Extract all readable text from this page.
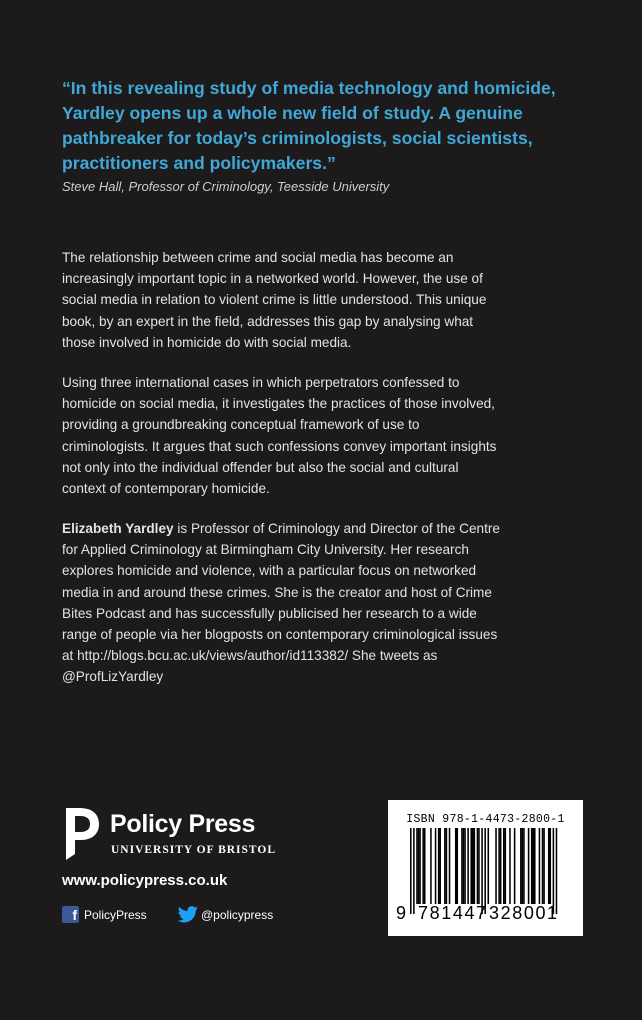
“In this revealing study of media technology and homicide, Yardley opens up a whole new field of study. A genuine pathbreaker for today’s criminologists, social scientists, practitioners and policymakers.”

Steve Hall, Professor of Criminology, Teesside University

The relationship between crime and social media has become an increasingly important topic in a networked world. However, the use of social media in relation to violent crime is little understood. This unique book, by an expert in the field, addresses this gap by analysing what those involved in homicide do with social media.

Using three international cases in which perpetrators confessed to homicide on social media, it investigates the practices of those involved, providing a groundbreaking conceptual framework of use to criminologists. It argues that such confessions convey important insights not only into the individual offender but also the social and cultural context of contemporary homicide.

Elizabeth Yardley is Professor of Criminology and Director of the Centre for Applied Criminology at Birmingham City University. Her research explores homicide and violence, with a particular focus on networked media in and around these crimes. She is the creator and host of Crime Bites Podcast and has successfully publicised her research to a wide range of people via her blogposts on contemporary criminological issues at http://blogs.bcu.ac.uk/views/author/id113382/ She tweets as @ProfLizYardley

Policy Press
UNIVERSITY OF BRISTOL
www.policypress.co.uk
f PolicyPress	@policypress
ISBN 978-1-4473-2800-1
9 781447 328001
